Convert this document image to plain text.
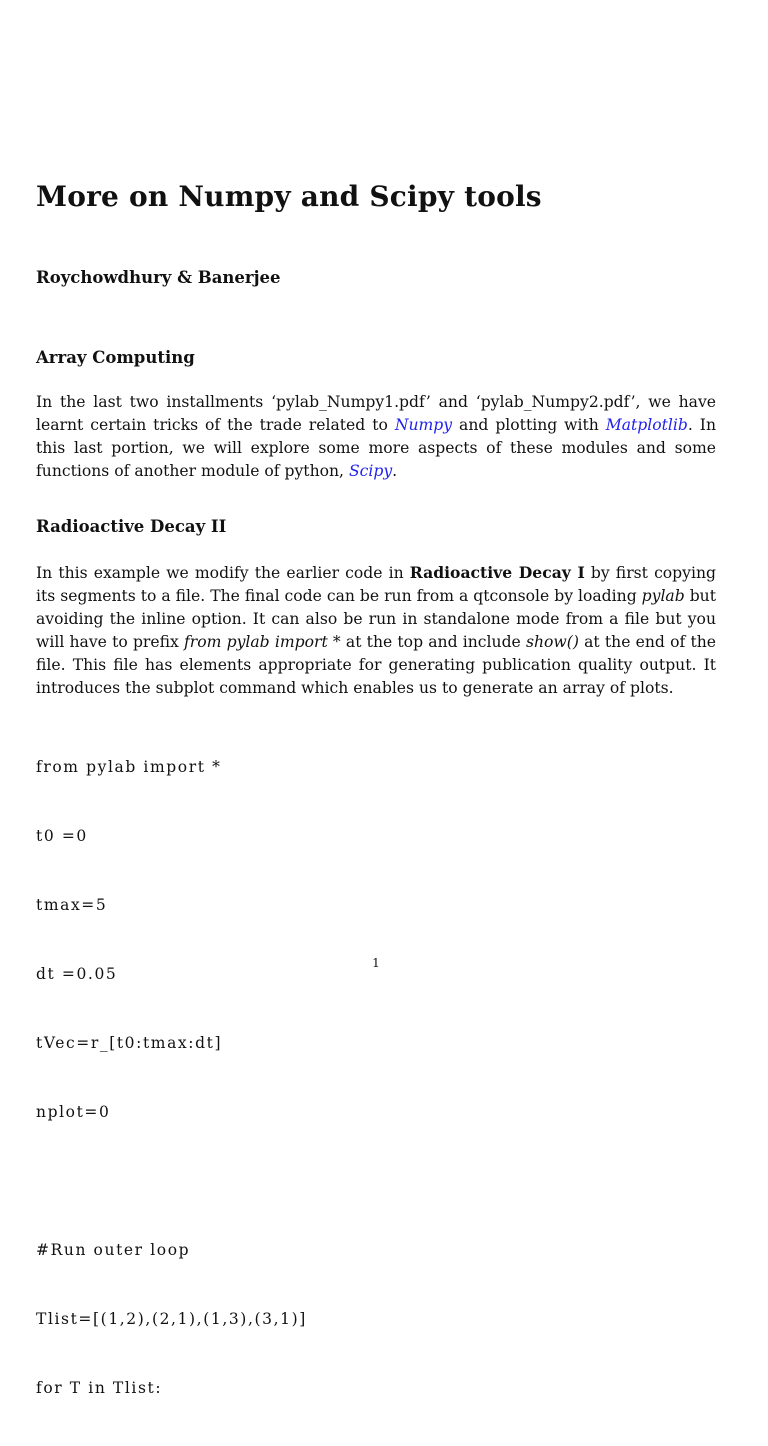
More on Numpy and Scipy tools
Roychowdhury & Banerjee
Array Computing

In the last two installments ‘pylab_Numpy1.pdf’ and ‘pylab_Numpy2.pdf’, we have learnt certain tricks of the trade related to Numpy and plotting with Matplotlib. In this last portion, we will explore some more aspects of these modules and some functions of another module of python, Scipy.

Radioactive Decay II

In this example we modify the earlier code in Radioactive Decay I by first copying its segments to a file. The final code can be run from a qtconsole by loading pylab but avoiding the inline option. It can also be run in standalone mode from a file but you will have to prefix from pylab import * at the top and include show() at the end of the file. This file has elements appropriate for generating publication quality output. It introduces the subplot command which enables us to generate an array of plots.

from pylab import *

t0 =0

tmax=5

dt =0.05

tVec=r_[t0:tmax:dt]

nplot=0

#Run outer loop

Tlist=[(1,2),(2,1),(1,3),(3,1)]

for T in Tlist:

1
